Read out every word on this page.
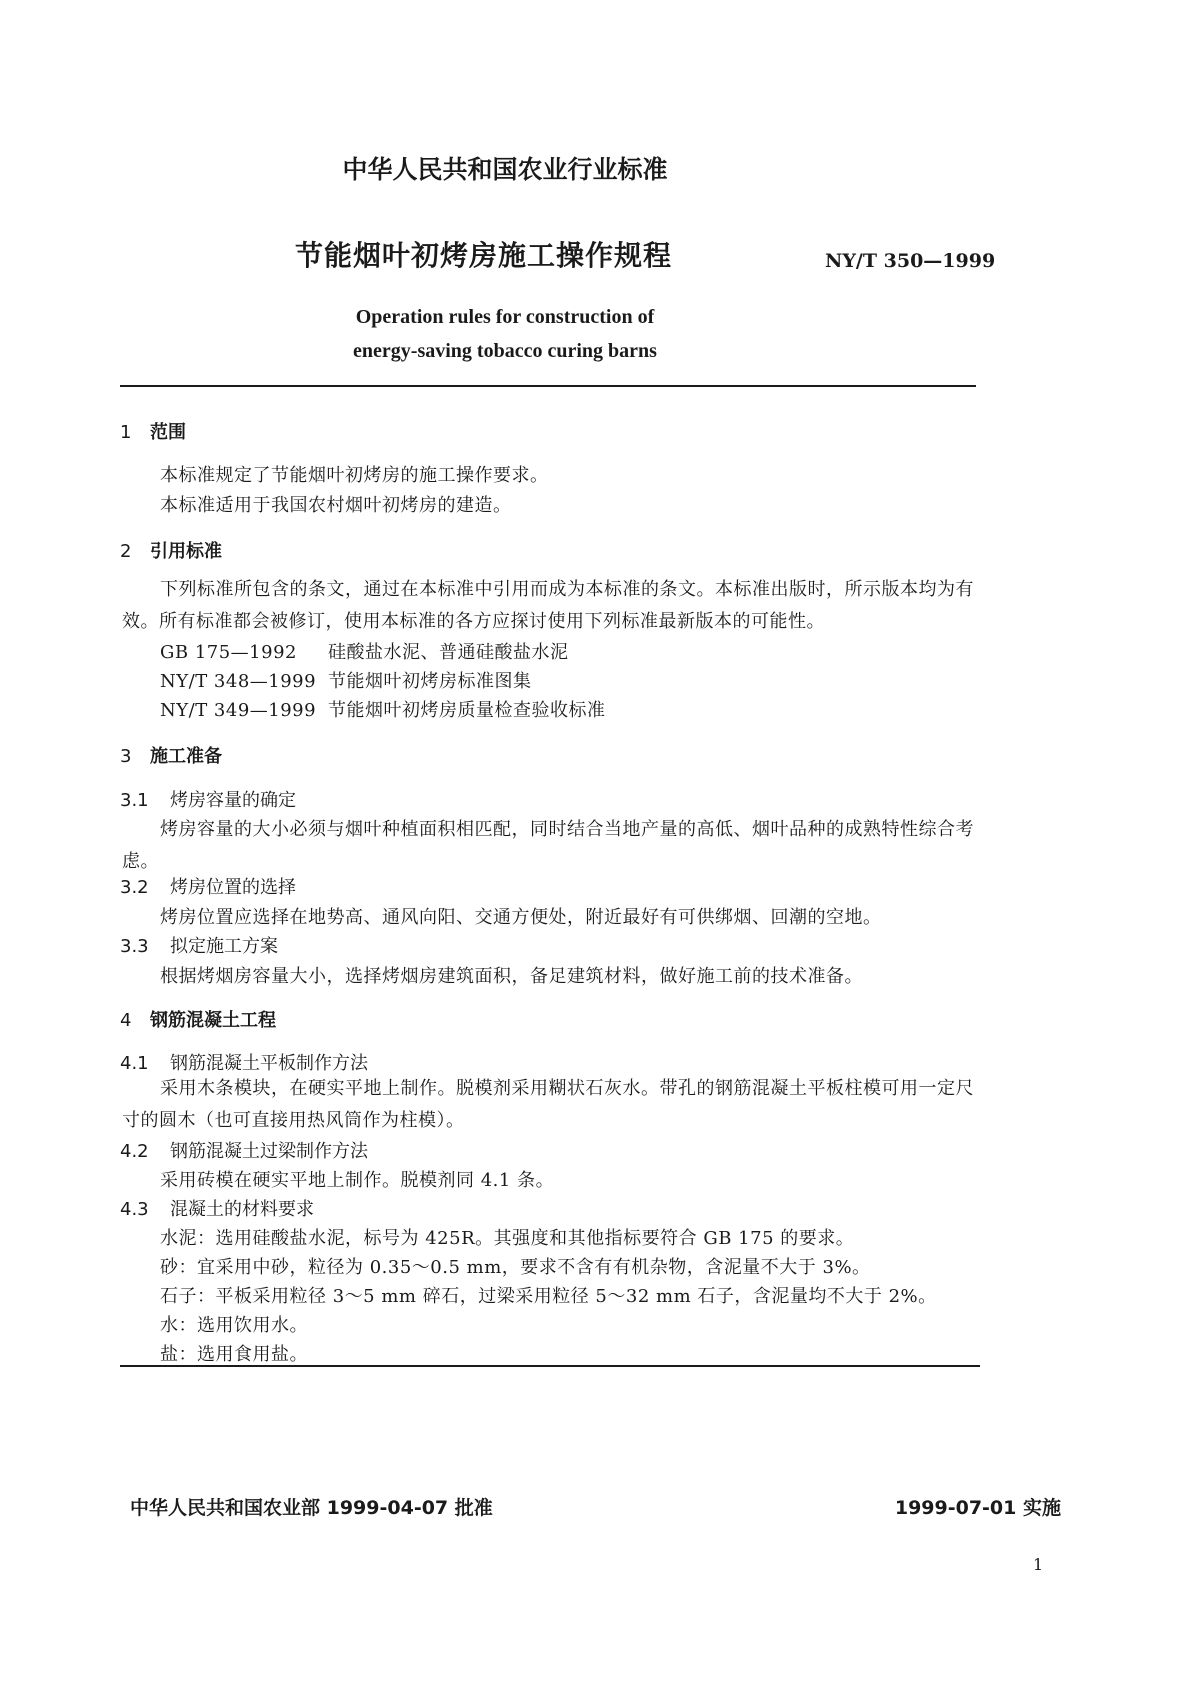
中华人民共和国农业行业标准
节能烟叶初烤房施工操作规程	NY/T 350—1999
Operation rules for construction of
energy-saving tobacco curing barns
1 范围
本标准规定了节能烟叶初烤房的施工操作要求。
本标准适用于我国农村烟叶初烤房的建造。
2 引用标准
下列标准所包含的条文，通过在本标准中引用而成为本标准的条文。本标准出版时，所示版本均为有效。所有标准都会被修订，使用本标准的各方应探讨使用下列标准最新版本的可能性。
GB 175—1992 硅酸盐水泥、普通硅酸盐水泥
NY/T 348—1999 节能烟叶初烤房标准图集
NY/T 349—1999 节能烟叶初烤房质量检查验收标准
3 施工准备
3.1 烤房容量的确定
烤房容量的大小必须与烟叶种植面积相匹配，同时结合当地产量的高低、烟叶品种的成熟特性综合考虑。
3.2 烤房位置的选择
烤房位置应选择在地势高、通风向阳、交通方便处，附近最好有可供绑烟、回潮的空地。
3.3 拟定施工方案
根据烤烟房容量大小，选择烤烟房建筑面积，备足建筑材料，做好施工前的技术准备。
4 钢筋混凝土工程
4.1 钢筋混凝土平板制作方法
采用木条模块，在硬实平地上制作。脱模剂采用糊状石灰水。带孔的钢筋混凝土平板柱模可用一定尺寸的圆木（也可直接用热风筒作为柱模）。
4.2 钢筋混凝土过梁制作方法
采用砖模在硬实平地上制作。脱模剂同 4.1 条。
4.3 混凝土的材料要求
水泥：选用硅酸盐水泥，标号为 425R。其强度和其他指标要符合 GB 175 的要求。
砂：宜采用中砂，粒径为 0.35～0.5 mm，要求不含有有机杂物，含泥量不大于 3%。
石子：平板采用粒径 3～5 mm 碎石，过梁采用粒径 5～32 mm 石子，含泥量均不大于 2%。
水：选用饮用水。
盐：选用食用盐。
中华人民共和国农业部 1999-04-07 批准	1999-07-01 实施
1
